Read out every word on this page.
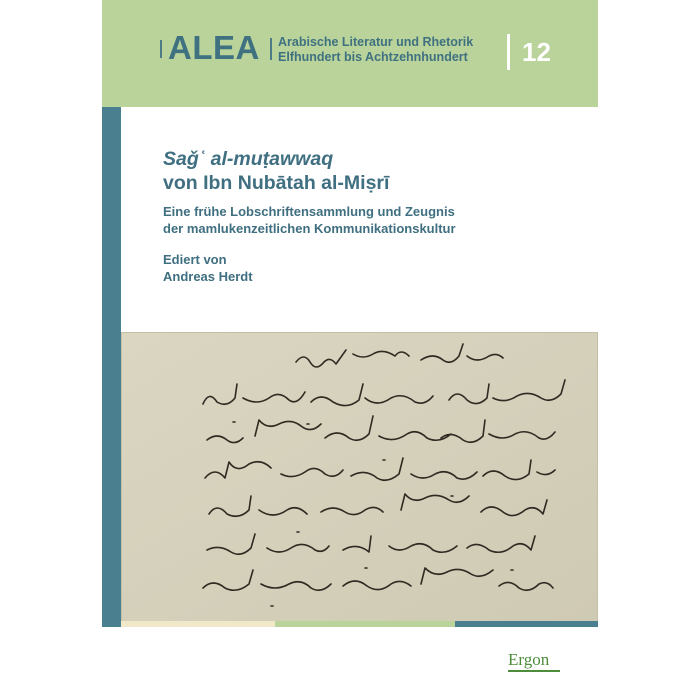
ALEA Arabische Literatur und Rhetorik
Elfhundert bis Achtzehnhundert 12
Saǧʿ al-muṭawwaq
von Ibn Nubātah al-Miṣrī
Eine frühe Lobschriftensammlung und Zeugnis
der mamlukenzeitlichen Kommunikationskultur
Ediert von
Andreas Herdt
Ergon
